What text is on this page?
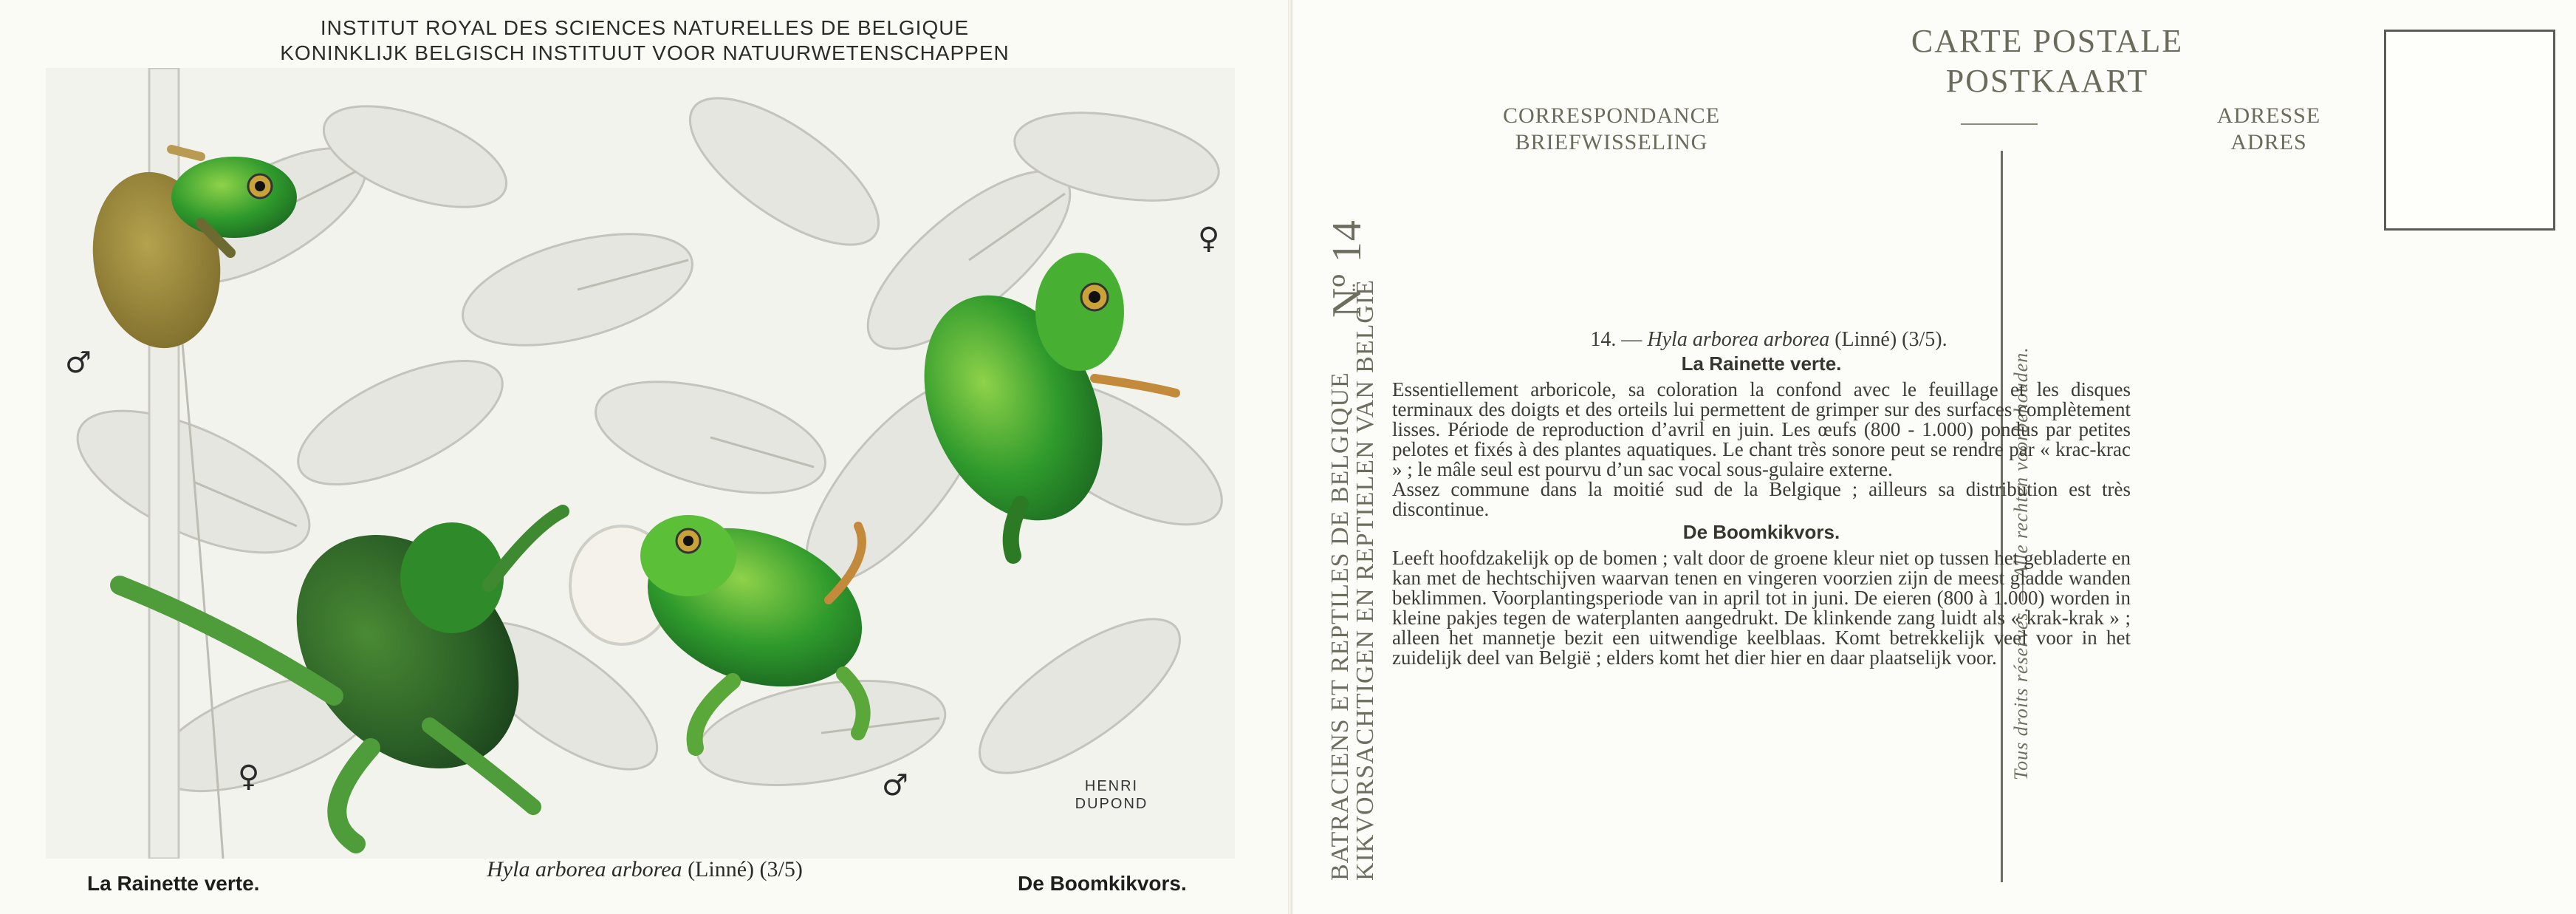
INSTITUT ROYAL DES SCIENCES NATURELLES DE BELGIQUE
KONINKLIJK BELGISCH INSTITUUT VOOR NATUURWETENSCHAPPEN
♂
♀
♀	♂	HENRI
DUPOND
La Rainette verte.
Hyla arborea arborea (Linné) (3/5)
De Boomkikvors.
CARTE POSTALE
POSTKAART
CORRESPONDANCE
BRIEFWISSELING
ADRESSE
ADRES
Nº 14
BATRACIENS ET REPTILES DE BELGIQUE
KIKVORSACHTIGEN EN REPTIELEN VAN BELGIË	Tous droits réservés. — Alle rechten voorbehouden.
14. — Hyla arborea arborea (Linné) (3/5).
La Rainette verte.

Essentiellement arboricole, sa coloration la confond avec le feuillage et les disques terminaux des doigts et des orteils lui permettent de grimper sur des surfaces complètement lisses. Période de reproduction d’avril en juin. Les œufs (800 - 1.000) pondus par petites pelotes et fixés à des plantes aquatiques. Le chant très sonore peut se rendre par « krac-krac » ; le mâle seul est pourvu d’un sac vocal sous-gulaire externe.

Assez commune dans la moitié sud de la Belgique ; ailleurs sa distribution est très discontinue.

De Boomkikvors.

Leeft hoofdzakelijk op de bomen ; valt door de groene kleur niet op tussen het gebladerte en kan met de hechtschijven waarvan tenen en vingeren voorzien zijn de meest gladde wanden beklimmen. Voorplantingsperiode van in april tot in juni. De eieren (800 à 1.000) worden in kleine pakjes tegen de waterplanten aangedrukt. De klinkende zang luidt als « krak-krak » ; alleen het mannetje bezit een uitwendige keelblaas. Komt betrekkelijk veel voor in het zuidelijk deel van België ; elders komt het dier hier en daar plaatselijk voor.
